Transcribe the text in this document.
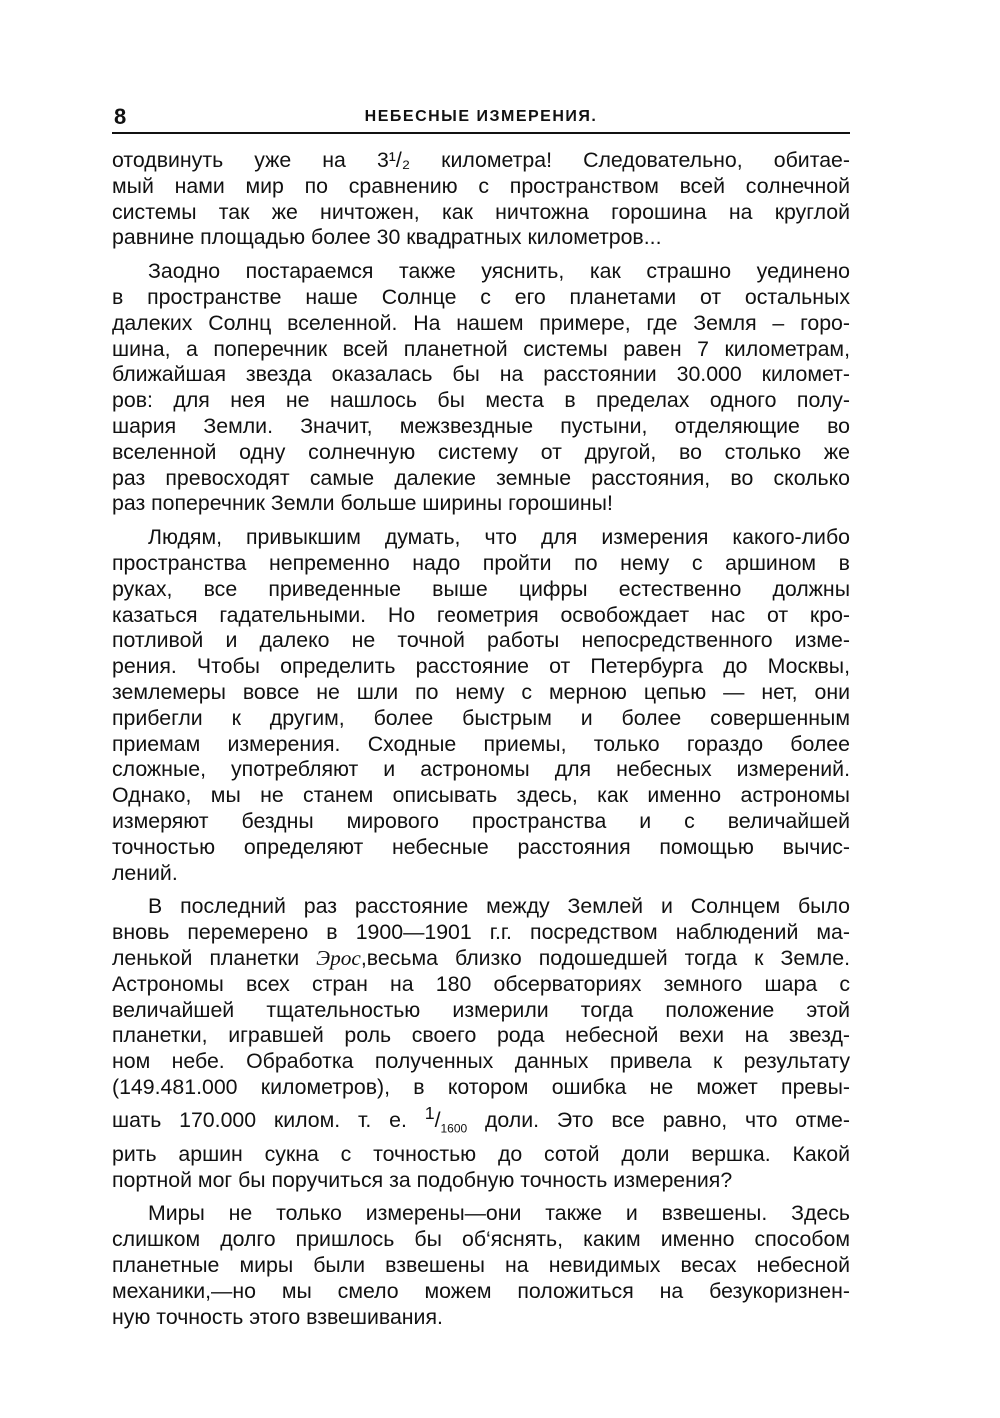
8	НЕБЕСНЫЕ ИЗМЕРЕНИЯ.
отодвинуть уже на 3¹/₂ километра! Следовательно, обитае-
мый нами мир по сравнению с пространством всей солнечной
системы так же ничтожен, как ничтожна горошина на круглой
равнине площадью более 30 квадратных километров...
Заодно постараемся также уяснить, как страшно уединено
в пространстве наше Солнце с его планетами от остальных
далеких Солнц вселенной. На нашем примере, где Земля – горо-
шина, а поперечник всей планетной системы равен 7 километрам,
ближайшая звезда оказалась бы на расстоянии 30.000 километ-
ров: для нея не нашлось бы места в пределах одного полу-
шария Земли. Значит, межзвездные пустыни, отделяющие во
вселенной одну солнечную систему от другой, во столько же
раз превосходят самые далекие земные расстояния, во сколько
раз поперечник Земли больше ширины горошины!
Людям, привыкшим думать, что для измерения какого-либо
пространства непременно надо пройти по нему с аршином в
руках, все приведенные выше цифры естественно должны
казаться гадательными. Но геометрия освобождает нас от кро-
потливой и далеко не точной работы непосредственного изме-
рения. Чтобы определить расстояние от Петербурга до Москвы,
землемеры вовсе не шли по нему с мерною цепью — нет, они
прибегли к другим, более быстрым и более совершенным
приемам измерения. Сходные приемы, только гораздо более
сложные, употребляют и астрономы для небесных измерений.
Однако, мы не станем описывать здесь, как именно астрономы
измеряют бездны мирового пространства и с величайшей
точностью определяют небесные расстояния помощью вычис-
лений.
В последний раз расстояние между Землей и Солнцем было
вновь перемерено в 1900—1901 г.г. посредством наблюдений ма-
ленькой планетки Эрос,весьма близко подошедшей тогда к Земле.
Астрономы всех стран на 180 обсерваториях земного шара с
величайшей тщательностью измерили тогда положение этой
планетки, игравшей роль своего рода небесной вехи на звезд-
ном небе. Обработка полученных данных привела к результату
(149.481.000 километров), в котором ошибка не может превы-
шать 170.000 килом. т. е. $^1/_{1600}$ доли. Это все равно, что отме-
рить аршин сукна с точностью до сотой доли вершка. Какой
портной мог бы поручиться за подобную точность измерения?
Миры не только измерены—они также и взвешены. Здесь
слишком долго пришлось бы об‘яснять, каким именно способом
планетные миры были взвешены на невидимых весах небесной
механики,—но мы смело можем положиться на безукоризнен-
ную точность этого взвешивания.
